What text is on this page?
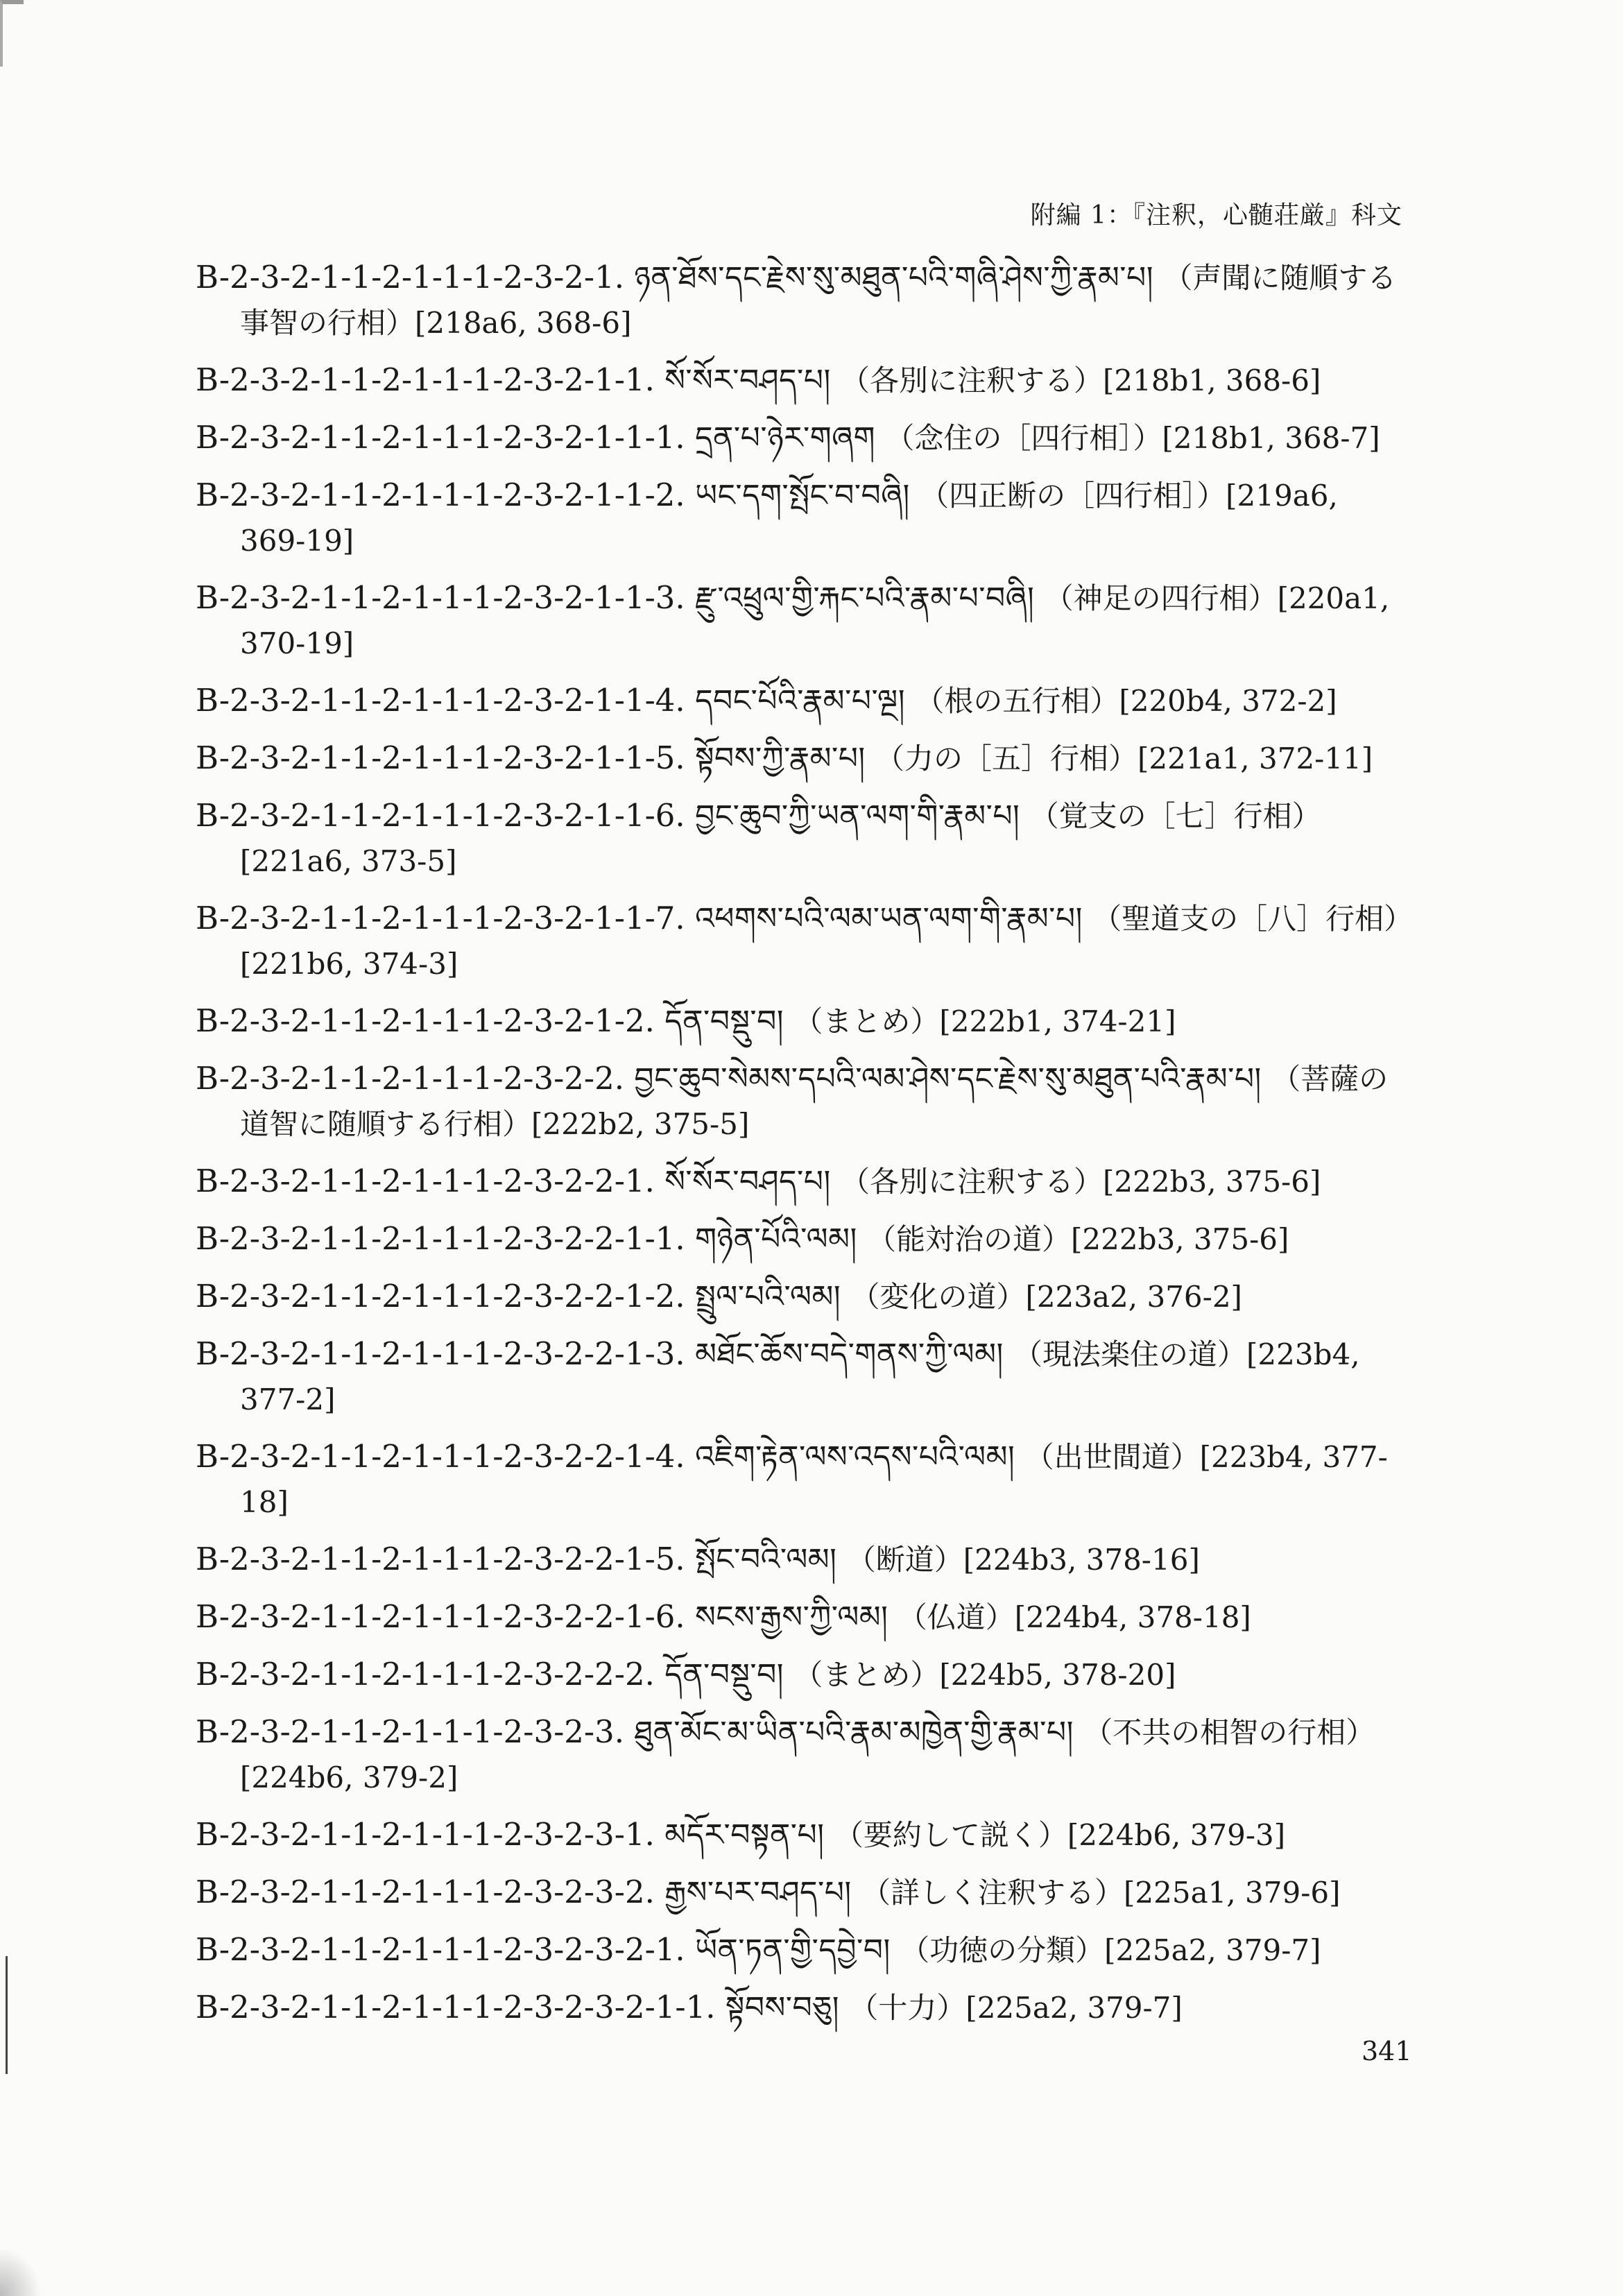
附編 1：『注釈，心髄荘厳』科文
B-2-3-2-1-1-2-1-1-1-2-3-2-1. ཉན་ཐོས་དང་རྗེས་སུ་མཐུན་པའི་གཞི་ཤེས་ཀྱི་རྣམ་པ། （声聞に随順する事智の行相）[218a6, 368-6]
B-2-3-2-1-1-2-1-1-1-2-3-2-1-1. སོ་སོར་བཤད་པ། （各別に注釈する）[218b1, 368-6]
B-2-3-2-1-1-2-1-1-1-2-3-2-1-1-1. དྲན་པ་ཉེར་གཞག （念住の［四行相］）[218b1, 368-7]
B-2-3-2-1-1-2-1-1-1-2-3-2-1-1-2. ཡང་དག་སྤོང་བ་བཞི། （四正断の［四行相］）[219a6, 369-19]
B-2-3-2-1-1-2-1-1-1-2-3-2-1-1-3. རྫུ་འཕྲུལ་གྱི་རྐང་པའི་རྣམ་པ་བཞི། （神足の四行相）[220a1, 370-19]
B-2-3-2-1-1-2-1-1-1-2-3-2-1-1-4. དབང་པོའི་རྣམ་པ་ལྔ། （根の五行相）[220b4, 372-2]
B-2-3-2-1-1-2-1-1-1-2-3-2-1-1-5. སྟོབས་ཀྱི་རྣམ་པ། （力の［五］行相）[221a1, 372-11]
B-2-3-2-1-1-2-1-1-1-2-3-2-1-1-6. བྱང་ཆུབ་ཀྱི་ཡན་ལག་གི་རྣམ་པ། （覚支の［七］行相）[221a6, 373-5]
B-2-3-2-1-1-2-1-1-1-2-3-2-1-1-7. འཕགས་པའི་ལམ་ཡན་ལག་གི་རྣམ་པ། （聖道支の［八］行相）[221b6, 374-3]
B-2-3-2-1-1-2-1-1-1-2-3-2-1-2. དོན་བསྡུ་བ། （まとめ）[222b1, 374-21]
B-2-3-2-1-1-2-1-1-1-2-3-2-2. བྱང་ཆུབ་སེམས་དཔའི་ལམ་ཤེས་དང་རྗེས་སུ་མཐུན་པའི་རྣམ་པ། （菩薩の道智に随順する行相）[222b2, 375-5]
B-2-3-2-1-1-2-1-1-1-2-3-2-2-1. སོ་སོར་བཤད་པ། （各別に注釈する）[222b3, 375-6]
B-2-3-2-1-1-2-1-1-1-2-3-2-2-1-1. གཉེན་པོའི་ལམ། （能対治の道）[222b3, 375-6]
B-2-3-2-1-1-2-1-1-1-2-3-2-2-1-2. སྤྲུལ་པའི་ལམ། （変化の道）[223a2, 376-2]
B-2-3-2-1-1-2-1-1-1-2-3-2-2-1-3. མཐོང་ཆོས་བདེ་གནས་ཀྱི་ལམ། （現法楽住の道）[223b4, 377-2]
B-2-3-2-1-1-2-1-1-1-2-3-2-2-1-4. འཇིག་རྟེན་ལས་འདས་པའི་ལམ། （出世間道）[223b4, 377-18]
B-2-3-2-1-1-2-1-1-1-2-3-2-2-1-5. སྤོང་བའི་ལམ། （断道）[224b3, 378-16]
B-2-3-2-1-1-2-1-1-1-2-3-2-2-1-6. སངས་རྒྱས་ཀྱི་ལམ། （仏道）[224b4, 378-18]
B-2-3-2-1-1-2-1-1-1-2-3-2-2-2. དོན་བསྡུ་བ། （まとめ）[224b5, 378-20]
B-2-3-2-1-1-2-1-1-1-2-3-2-3. ཐུན་མོང་མ་ཡིན་པའི་རྣམ་མཁྱེན་གྱི་རྣམ་པ། （不共の相智の行相）[224b6, 379-2]
B-2-3-2-1-1-2-1-1-1-2-3-2-3-1. མདོར་བསྟན་པ། （要約して説く）[224b6, 379-3]
B-2-3-2-1-1-2-1-1-1-2-3-2-3-2. རྒྱས་པར་བཤད་པ། （詳しく注釈する）[225a1, 379-6]
B-2-3-2-1-1-2-1-1-1-2-3-2-3-2-1. ཡོན་ཏན་གྱི་དབྱེ་བ། （功徳の分類）[225a2, 379-7]
B-2-3-2-1-1-2-1-1-1-2-3-2-3-2-1-1. སྟོབས་བཅུ། （十力）[225a2, 379-7]
341
